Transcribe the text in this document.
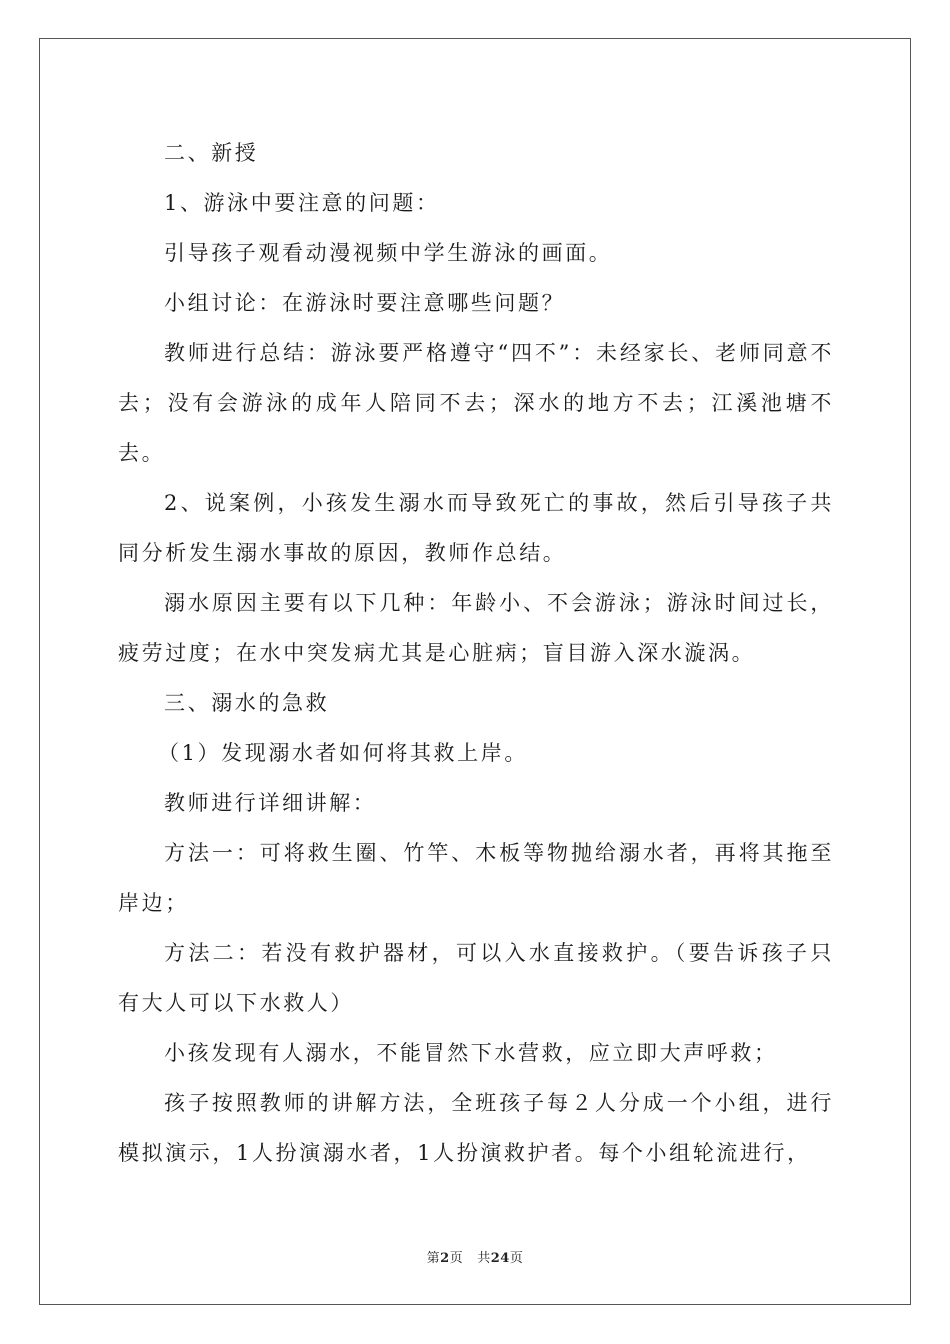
二、新授

1、游泳中要注意的问题：

引导孩子观看动漫视频中学生游泳的画面。

小组讨论：在游泳时要注意哪些问题？

教师进行总结：游泳要严格遵守“四不”：未经家长、老师同意不去；没有会游泳的成年人陪同不去；深水的地方不去；江溪池塘不去。

2、说案例，小孩发生溺水而导致死亡的事故，然后引导孩子共同分析发生溺水事故的原因，教师作总结。

溺水原因主要有以下几种：年龄小、不会游泳；游泳时间过长，疲劳过度；在水中突发病尤其是心脏病；盲目游入深水漩涡。

三、溺水的急救

（1）发现溺水者如何将其救上岸。

教师进行详细讲解：

方法一：可将救生圈、竹竿、木板等物抛给溺水者，再将其拖至岸边；

方法二：若没有救护器材，可以入水直接救护。（要告诉孩子只有大人可以下水救人）

小孩发现有人溺水，不能冒然下水营救，应立即大声呼救；

孩子按照教师的讲解方法，全班孩子每２人分成一个小组，进行模拟演示，1人扮演溺水者，1人扮演救护者。每个小组轮流进行，

第2页 共24页
